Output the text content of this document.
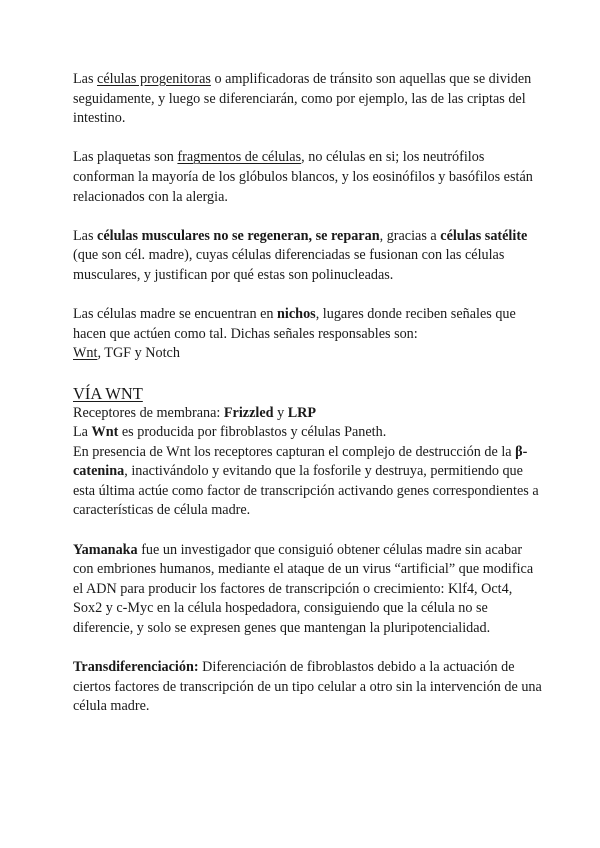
Las células progenitoras o amplificadoras de tránsito son aquellas que se dividen seguidamente, y luego se diferenciarán, como por ejemplo, las de las criptas del intestino.

Las plaquetas son fragmentos de células, no células en si; los neutrófilos conforman la mayoría de los glóbulos blancos, y los eosinófilos y basófilos están relacionados con la alergia.

Las células musculares no se regeneran, se reparan, gracias a células satélite (que son cél. madre), cuyas células diferenciadas se fusionan con las células musculares, y justifican por qué estas son polinucleadas.

Las células madre se encuentran en nichos, lugares donde reciben señales que hacen que actúen como tal. Dichas señales responsables son:
Wnt, TGF y Notch

VÍA WNT
Receptores de membrana: Frizzled y LRP
La Wnt es producida por fibroblastos y células Paneth.
En presencia de Wnt los receptores capturan el complejo de destrucción de la β-catenina, inactivándolo y evitando que la fosforile y destruya, permitiendo que esta última actúe como factor de transcripción activando genes correspondientes a características de célula madre.

Yamanaka fue un investigador que consiguió obtener células madre sin acabar con embriones humanos, mediante el ataque de un virus “artificial” que modifica el ADN para producir los factores de transcripción o crecimiento: Klf4, Oct4, Sox2 y c-Myc en la célula hospedadora, consiguiendo que la célula no se diferencie, y solo se expresen genes que mantengan la pluripotencialidad.

Transdiferenciación: Diferenciación de fibroblastos debido a la actuación de ciertos factores de transcripción de un tipo celular a otro sin la intervención de una célula madre.
